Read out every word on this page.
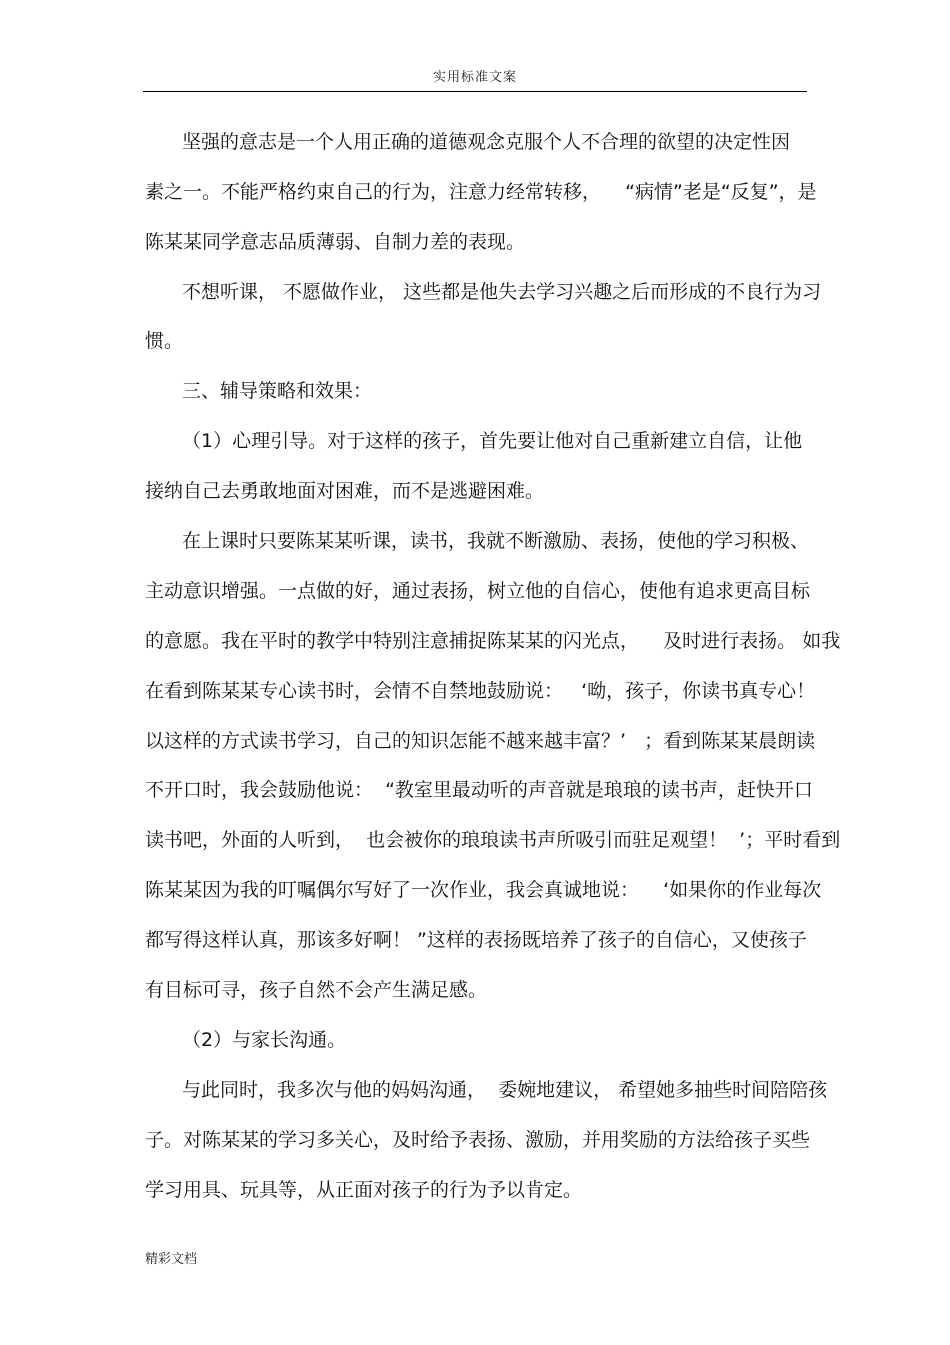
实用标准文案
坚强的意志是一个人用正确的道德观念克服个人不合理的欲望的决定性因
素之一。不能严格约束自己的行为，注意力经常转移，    “病情”老是“反复”，是
陈某某同学意志品质薄弱、自制力差的表现。
不想听课， 不愿做作业， 这些都是他失去学习兴趣之后而形成的不良行为习
惯。
三、辅导策略和效果：
（1）心理引导。对于这样的孩子，首先要让他对自己重新建立自信，让他
接纳自己去勇敢地面对困难，而不是逃避困难。
在上课时只要陈某某听课，读书，我就不断激励、表扬，使他的学习积极、
主动意识增强。一点做的好，通过表扬，树立他的自信心，使他有追求更高目标
的意愿。我在平时的教学中特别注意捕捉陈某某的闪光点，    及时进行表扬。 如我
在看到陈某某专心读书时，会情不自禁地鼓励说：   ‘呦，孩子，你读书真专心！
以这样的方式读书学习，自己的知识怎能不越来越丰富？’   ；看到陈某某晨朗读
不开口时，我会鼓励他说：  “教室里最动听的声音就是琅琅的读书声，赶快开口
读书吧，外面的人听到，  也会被你的琅琅读书声所吸引而驻足观望！  ’；平时看到
陈某某因为我的叮嘱偶尔写好了一次作业，我会真诚地说：    ‘如果你的作业每次
都写得这样认真，那该多好啊！ ”这样的表扬既培养了孩子的自信心，又使孩子
有目标可寻，孩子自然不会产生满足感。
（2）与家长沟通。
与此同时，我多次与他的妈妈沟通，  委婉地建议， 希望她多抽些时间陪陪孩
子。对陈某某的学习多关心，及时给予表扬、激励，并用奖励的方法给孩子买些
学习用具、玩具等，从正面对孩子的行为予以肯定。
精彩文档
